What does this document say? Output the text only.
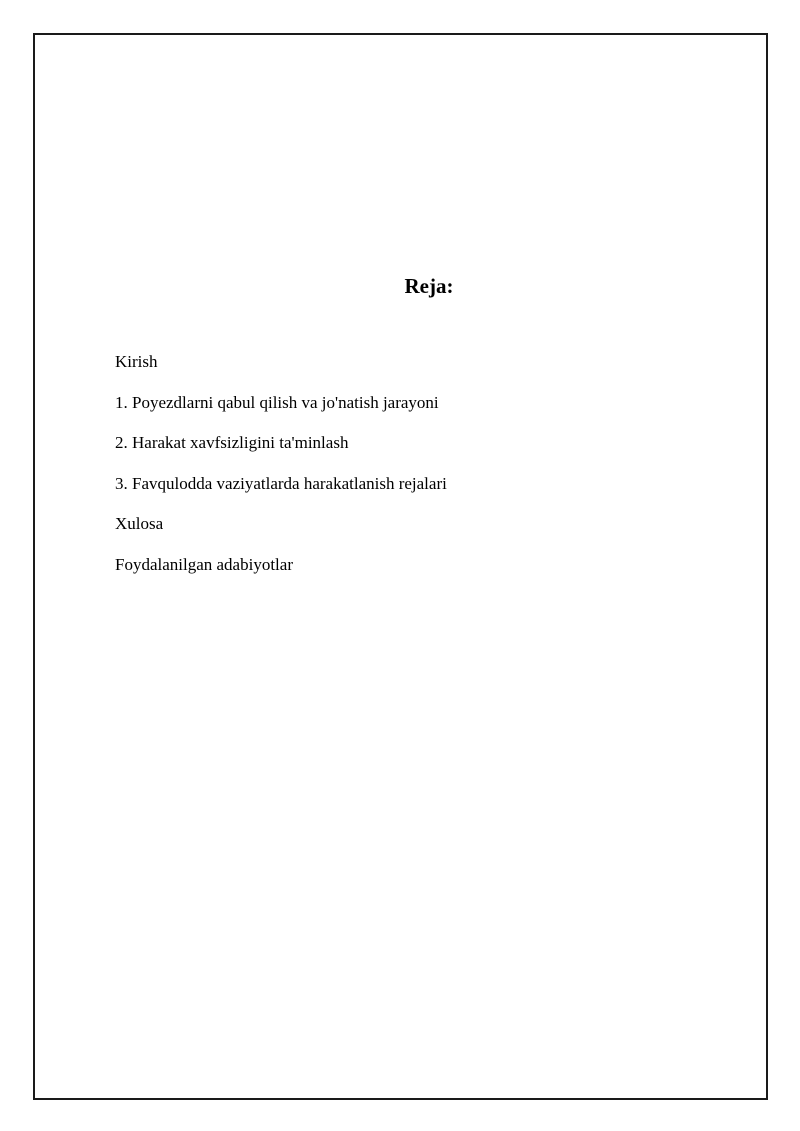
Reja:
Kirish
1. Poyezdlarni qabul qilish va jo'natish jarayoni
2. Harakat xavfsizligini ta'minlash
3. Favqulodda vaziyatlarda harakatlanish rejalari
Xulosa
Foydalanilgan adabiyotlar
